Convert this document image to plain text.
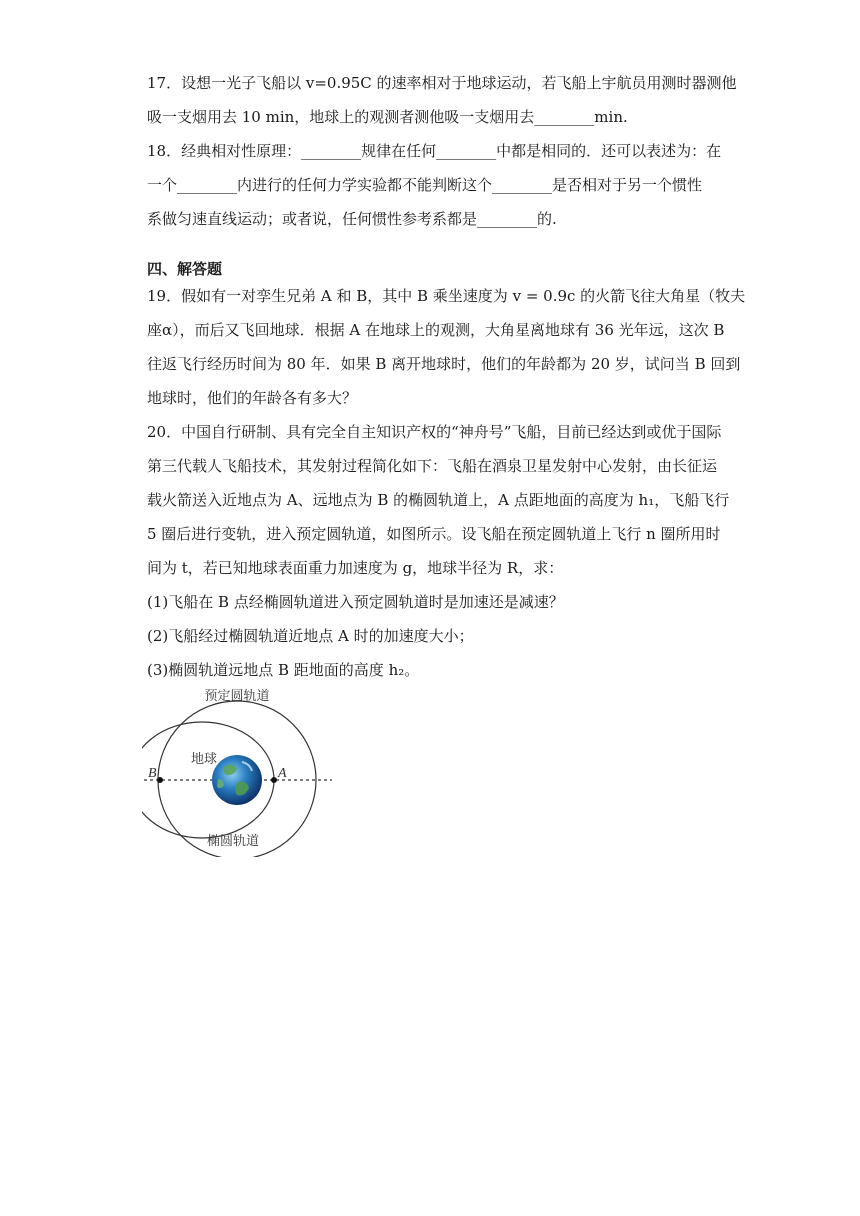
17．设想一光子飞船以 v=0.95C 的速率相对于地球运动，若飞船上宇航员用测时器测他
吸一支烟用去 10 min，地球上的观测者测他吸一支烟用去________min.
18．经典相对性原理：________规律在任何________中都是相同的．还可以表述为：在
一个________内进行的任何力学实验都不能判断这个________是否相对于另一个惯性
系做匀速直线运动；或者说，任何惯性参考系都是________的.
四、解答题
19．假如有一对孪生兄弟 A 和 B，其中 B 乘坐速度为 v = 0.9c 的火箭飞往大角星（牧夫
座α），而后又飞回地球．根据 A 在地球上的观测，大角星离地球有 36 光年远，这次 B
往返飞行经历时间为 80 年．如果 B 离开地球时，他们的年龄都为 20 岁，试问当 B 回到
地球时，他们的年龄各有多大？
20．中国自行研制、具有完全自主知识产权的“神舟号”飞船，目前已经达到或优于国际
第三代载人飞船技术，其发射过程简化如下：飞船在酒泉卫星发射中心发射，由长征运
载火箭送入近地点为 A、远地点为 B 的椭圆轨道上，A 点距地面的高度为 h₁，飞船飞行
5 圈后进行变轨，进入预定圆轨道，如图所示。设飞船在预定圆轨道上飞行 n 圈所用时
间为 t，若已知地球表面重力加速度为 g，地球半径为 R，求：
(1)飞船在 B 点经椭圆轨道进入预定圆轨道时是加速还是减速？
(2)飞船经过椭圆轨道近地点 A 时的加速度大小；
(3)椭圆轨道远地点 B 距地面的高度 h₂。
预定圆轨道
地球
椭圆轨道
B	A
